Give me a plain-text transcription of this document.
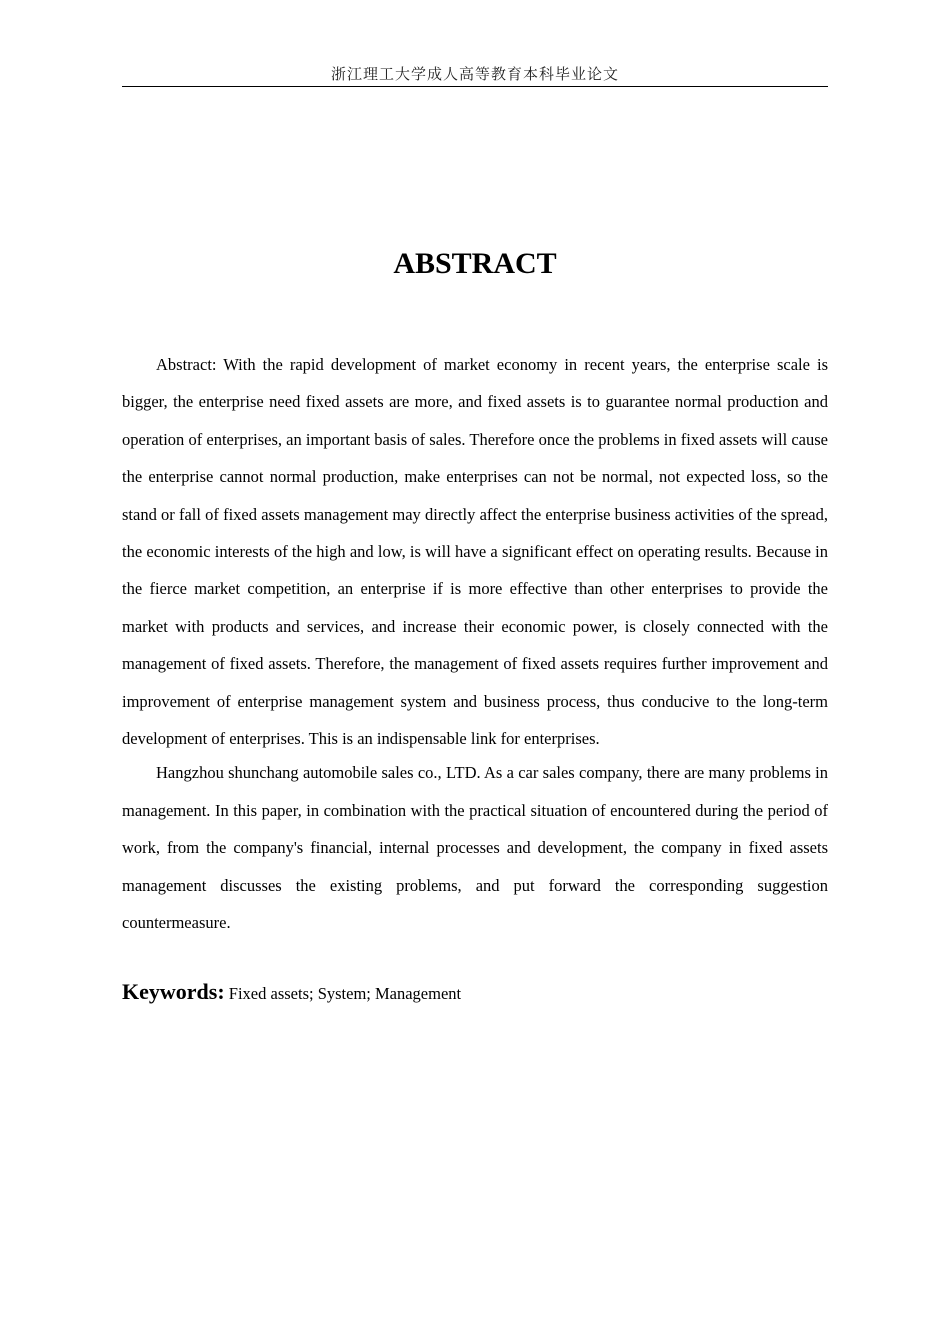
浙江理工大学成人高等教育本科毕业论文
ABSTRACT

Abstract: With the rapid development of market economy in recent years, the enterprise scale is bigger, the enterprise need fixed assets are more, and fixed assets is to guarantee normal production and operation of enterprises, an important basis of sales. Therefore once the problems in fixed assets will cause the enterprise cannot normal production, make enterprises can not be normal, not expected loss, so the stand or fall of fixed assets management may directly affect the enterprise business activities of the spread, the economic interests of the high and low, is will have a significant effect on operating results. Because in the fierce market competition, an enterprise if is more effective than other enterprises to provide the market with products and services, and increase their economic power, is closely connected with the management of fixed assets. Therefore, the management of fixed assets requires further improvement and improvement of enterprise management system and business process, thus conducive to the long-term development of enterprises. This is an indispensable link for enterprises.

Hangzhou shunchang automobile sales co., LTD. As a car sales company, there are many problems in management. In this paper, in combination with the practical situation of encountered during the period of work, from the company's financial, internal processes and development, the company in fixed assets management discusses the existing problems, and put forward the corresponding suggestion countermeasure.

Keywords: Fixed assets; System; Management
